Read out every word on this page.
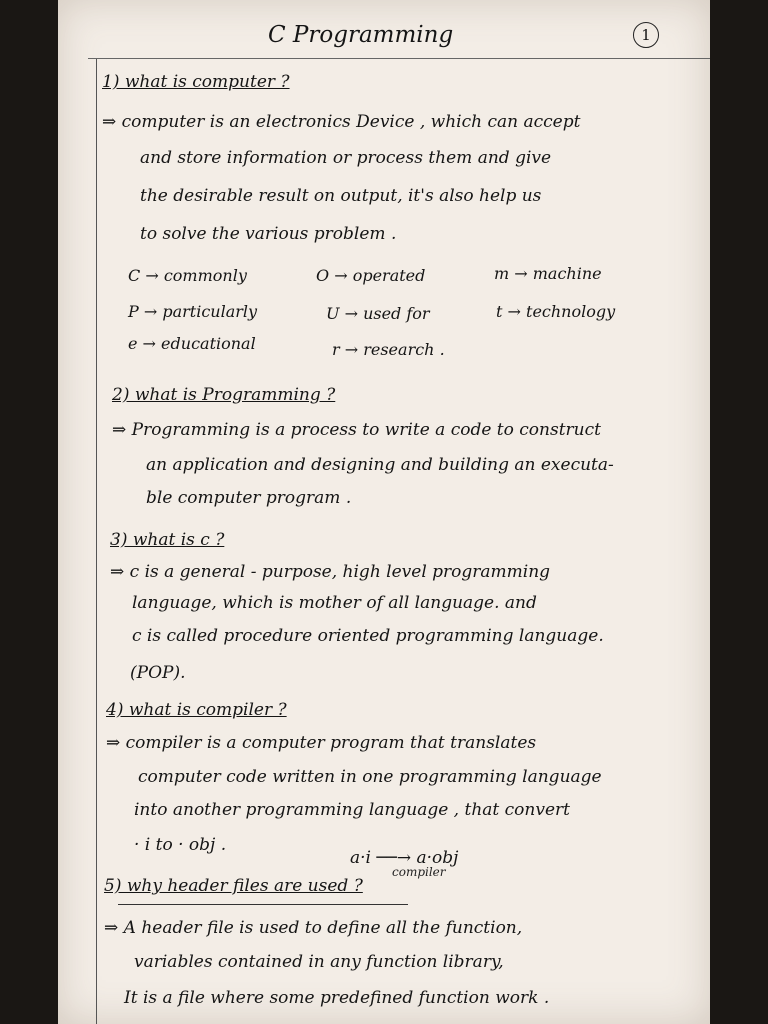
C Programming	1
1) what is computer ?
⇒ computer is an electronics Device , which can accept
and store information or process them and give
the desirable result on output, it's also help us
to solve the various problem .
C → commonly	O → operated	m → machine
P → particularly	U → used for	t → technology
e → educational	r → research .
2) what is Programming ?
⇒ Programming is a process to write a code to construct
an application and designing and building an executa-
ble computer program .
3) what is c ?
⇒ c is a general - purpose, high level programming
language, which is mother of all language. and
c is called procedure oriented programming language.
(POP).
4) what is compiler ?
⇒ compiler is a computer program that translates
computer code written in one programming language
into another programming language , that convert
· i to · obj .
a·i ──→ a·obj
compiler
5) why header files are used ?
⇒ A header file is used to define all the function,
variables contained in any function library,
It is a file where some predefined function work .
